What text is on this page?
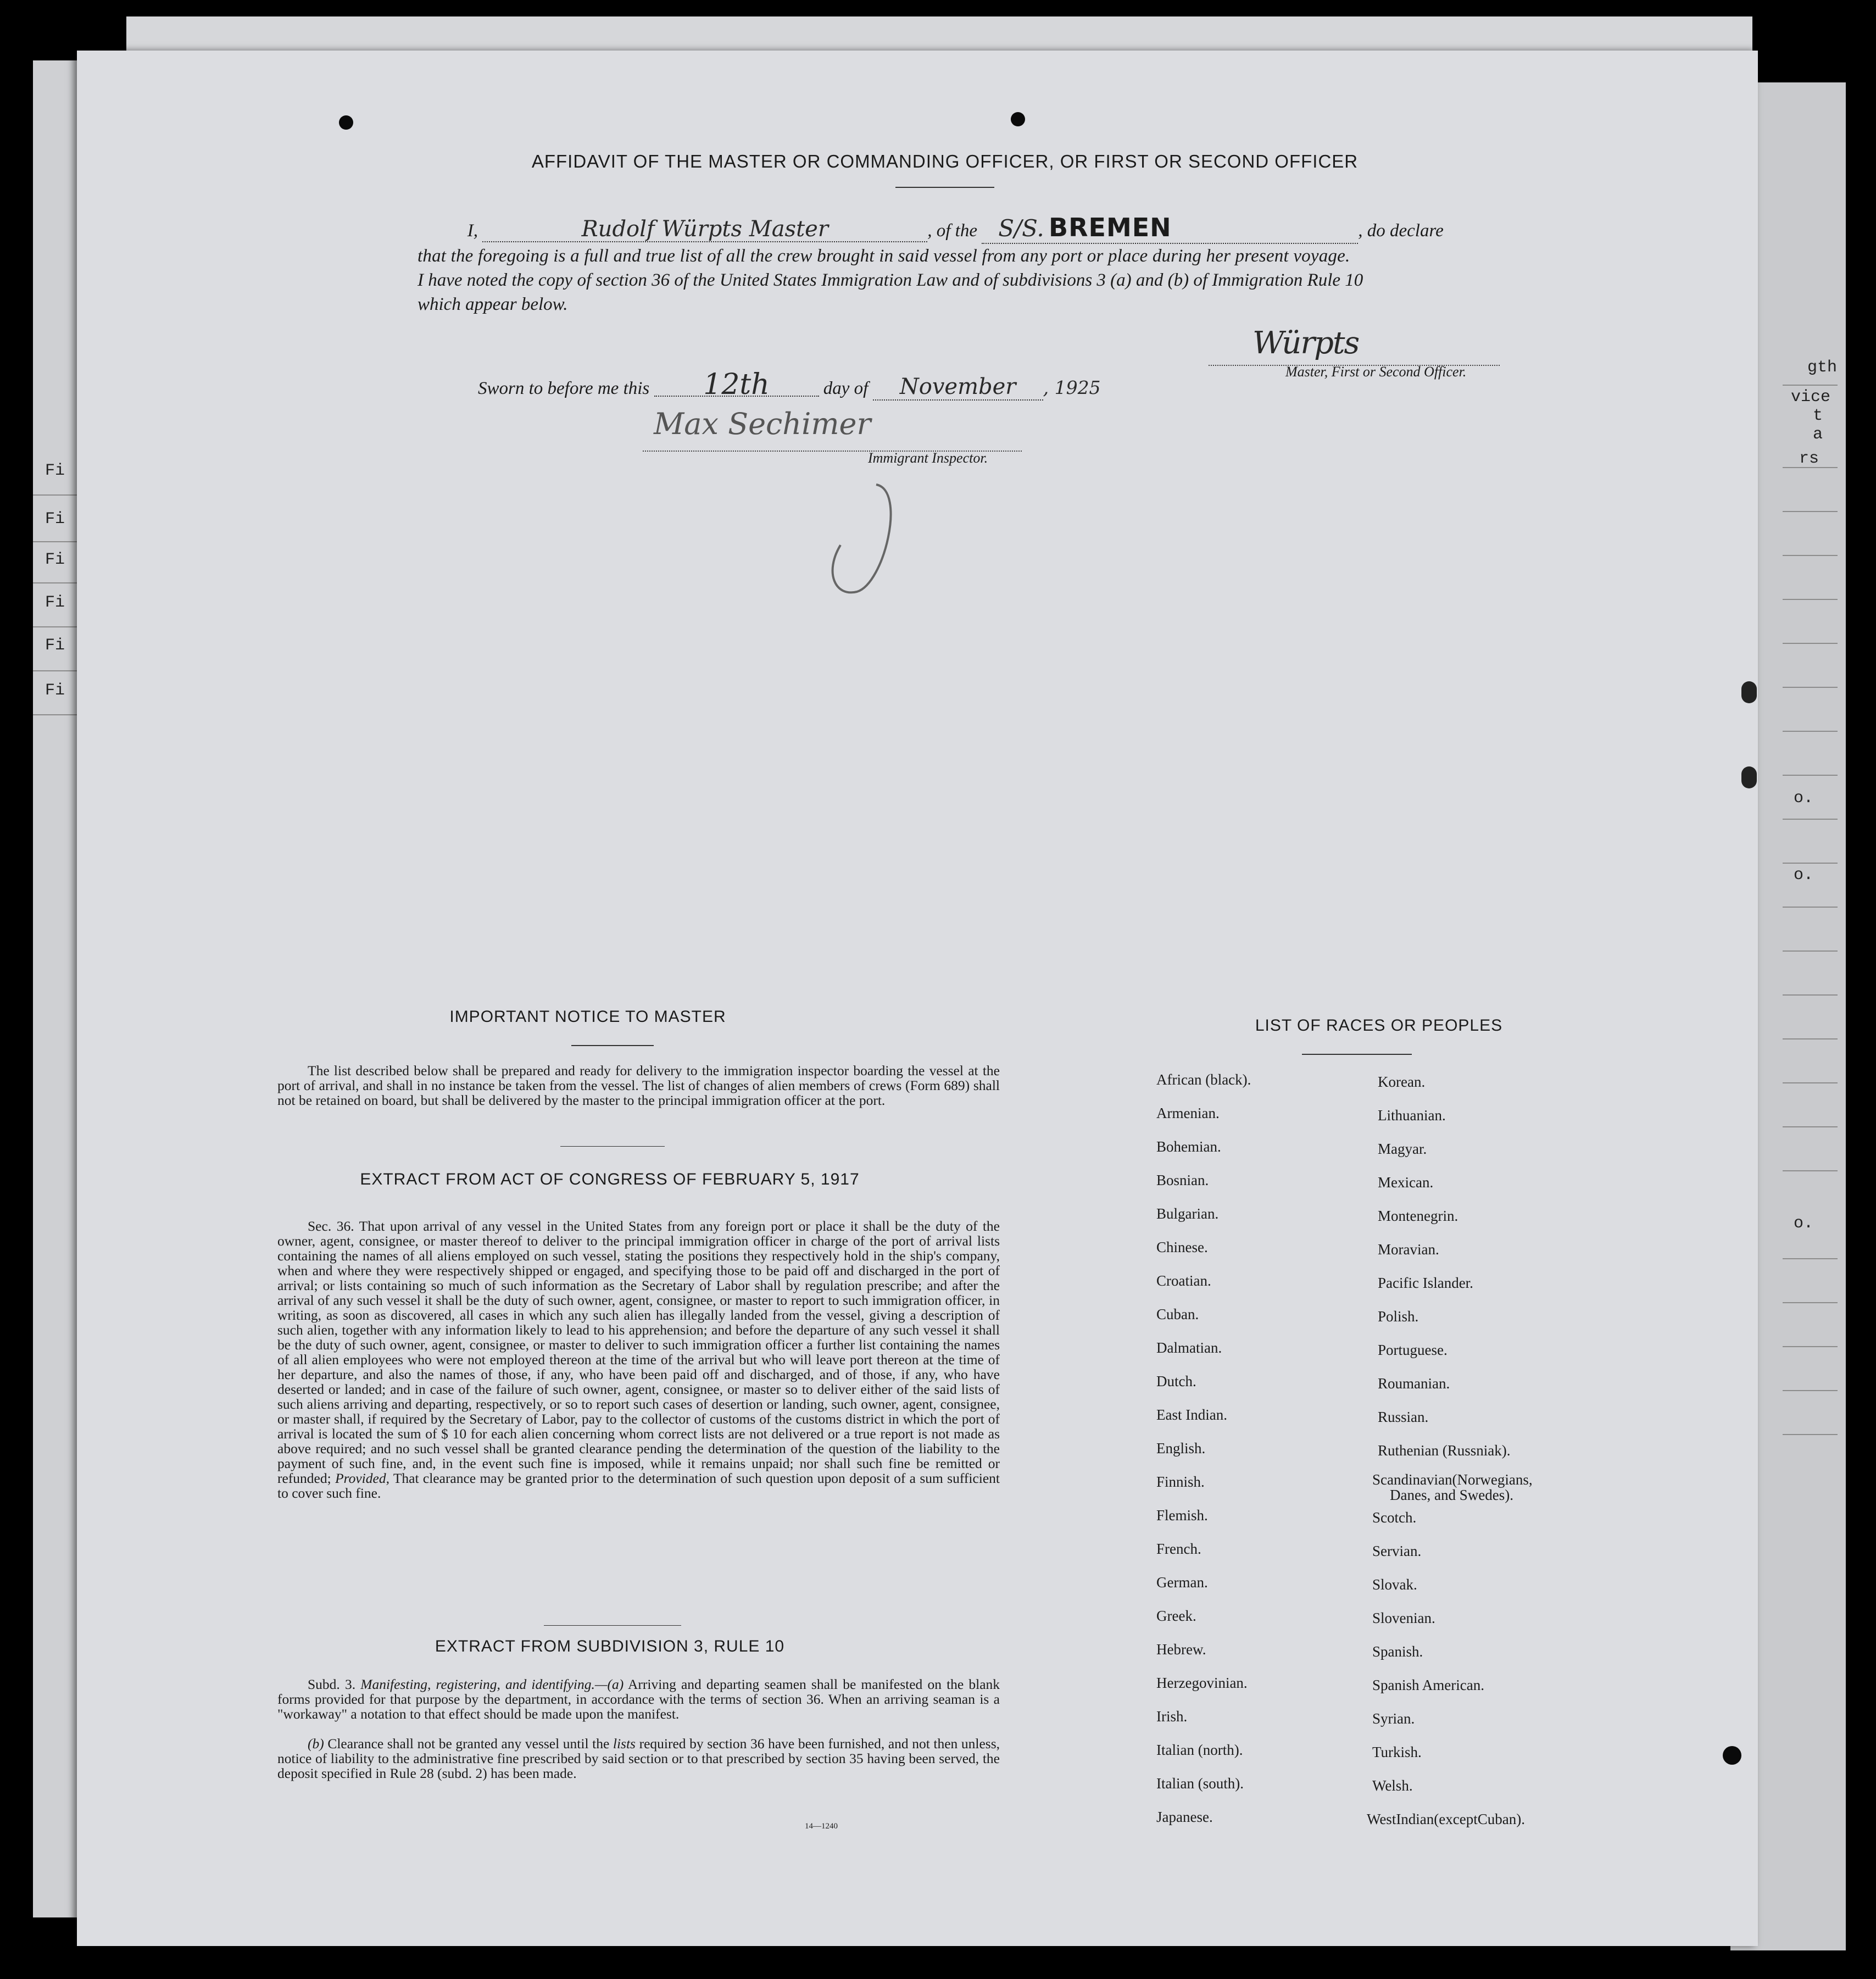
Fi
Fi
Fi
Fi
Fi
Fi
gth
vice
t
a
rs
o.
o.
o.
AFFIDAVIT OF THE MASTER OR COMMANDING OFFICER, OR FIRST OR SECOND OFFICER
I,	Rudolf Würpts Master	, of the S/S. BREMEN	, do declare
that the foregoing is a full and true list of all the crew brought in said vessel from any port or place during her present voyage.
I have noted the copy of section 36 of the United States Immigration Law and of subdivisions 3 (a) and (b) of Immigration Rule 10
which appear below.
Würpts
Master, First or Second Officer.
Sworn to before me this 12th	day of November , 1925
Max Sechimer
Immigrant Inspector.
IMPORTANT NOTICE TO MASTER
The list described below shall be prepared and ready for delivery to the immigration inspector boarding the vessel at the port of arrival, and shall in no instance be taken from the vessel. The list of changes of alien members of crews (Form 689) shall not be retained on board, but shall be delivered by the master to the principal immigration officer at the port.
EXTRACT FROM ACT OF CONGRESS OF FEBRUARY 5, 1917
Sec. 36. That upon arrival of any vessel in the United States from any foreign port or place it shall be the duty of the owner, agent, consignee, or master thereof to deliver to the principal immigration officer in charge of the port of arrival lists containing the names of all aliens employed on such vessel, stating the positions they respectively hold in the ship's company, when and where they were respectively shipped or engaged, and specifying those to be paid off and discharged in the port of arrival; or lists containing so much of such information as the Secretary of Labor shall by regulation prescribe; and after the arrival of any such vessel it shall be the duty of such owner, agent, consignee, or master to report to such immigration officer, in writing, as soon as discovered, all cases in which any such alien has illegally landed from the vessel, giving a description of such alien, together with any information likely to lead to his apprehension; and before the departure of any such vessel it shall be the duty of such owner, agent, consignee, or master to deliver to such immigration officer a further list containing the names of all alien employees who were not employed thereon at the time of the arrival but who will leave port thereon at the time of her departure, and also the names of those, if any, who have been paid off and discharged, and of those, if any, who have deserted or landed; and in case of the failure of such owner, agent, consignee, or master so to deliver either of the said lists of such aliens arriving and departing, respectively, or so to report such cases of desertion or landing, such owner, agent, consignee, or master shall, if required by the Secretary of Labor, pay to the collector of customs of the customs district in which the port of arrival is located the sum of $ 10 for each alien concerning whom correct lists are not delivered or a true report is not made as above required; and no such vessel shall be granted clearance pending the determination of the question of the liability to the payment of such fine, and, in the event such fine is imposed, while it remains unpaid; nor shall such fine be remitted or refunded; Provided, That clearance may be granted prior to the determination of such question upon deposit of a sum sufficient to cover such fine.
EXTRACT FROM SUBDIVISION 3, RULE 10
Subd. 3. Manifesting, registering, and identifying.—(a) Arriving and departing seamen shall be manifested on the blank forms provided for that purpose by the department, in accordance with the terms of section 36. When an arriving seaman is a "workaway" a notation to that effect should be made upon the manifest.
(b) Clearance shall not be granted any vessel until the lists required by section 36 have been furnished, and not then unless, notice of liability to the administrative fine prescribed by said section or to that prescribed by section 35 having been served, the deposit specified in Rule 28 (subd. 2) has been made.
14—1240
LIST OF RACES OR PEOPLES
African (black).
Armenian.
Bohemian.
Bosnian.
Bulgarian.
Chinese.
Croatian.
Cuban.
Dalmatian.
Dutch.
East Indian.
English.
Finnish.
Flemish.
French.
German.
Greek.
Hebrew.
Herzegovinian.
Irish.
Italian (north).
Italian (south).
Japanese.
Korean.
Lithuanian.
Magyar.
Mexican.
Montenegrin.
Moravian.
Pacific Islander.
Polish.
Portuguese.
Roumanian.
Russian.
Ruthenian (Russniak).
Scandinavian(Norwegians,
Danes, and Swedes).
Scotch.
Servian.
Slovak.
Slovenian.
Spanish.
Spanish American.
Syrian.
Turkish.
Welsh.
WestIndian(exceptCuban).
